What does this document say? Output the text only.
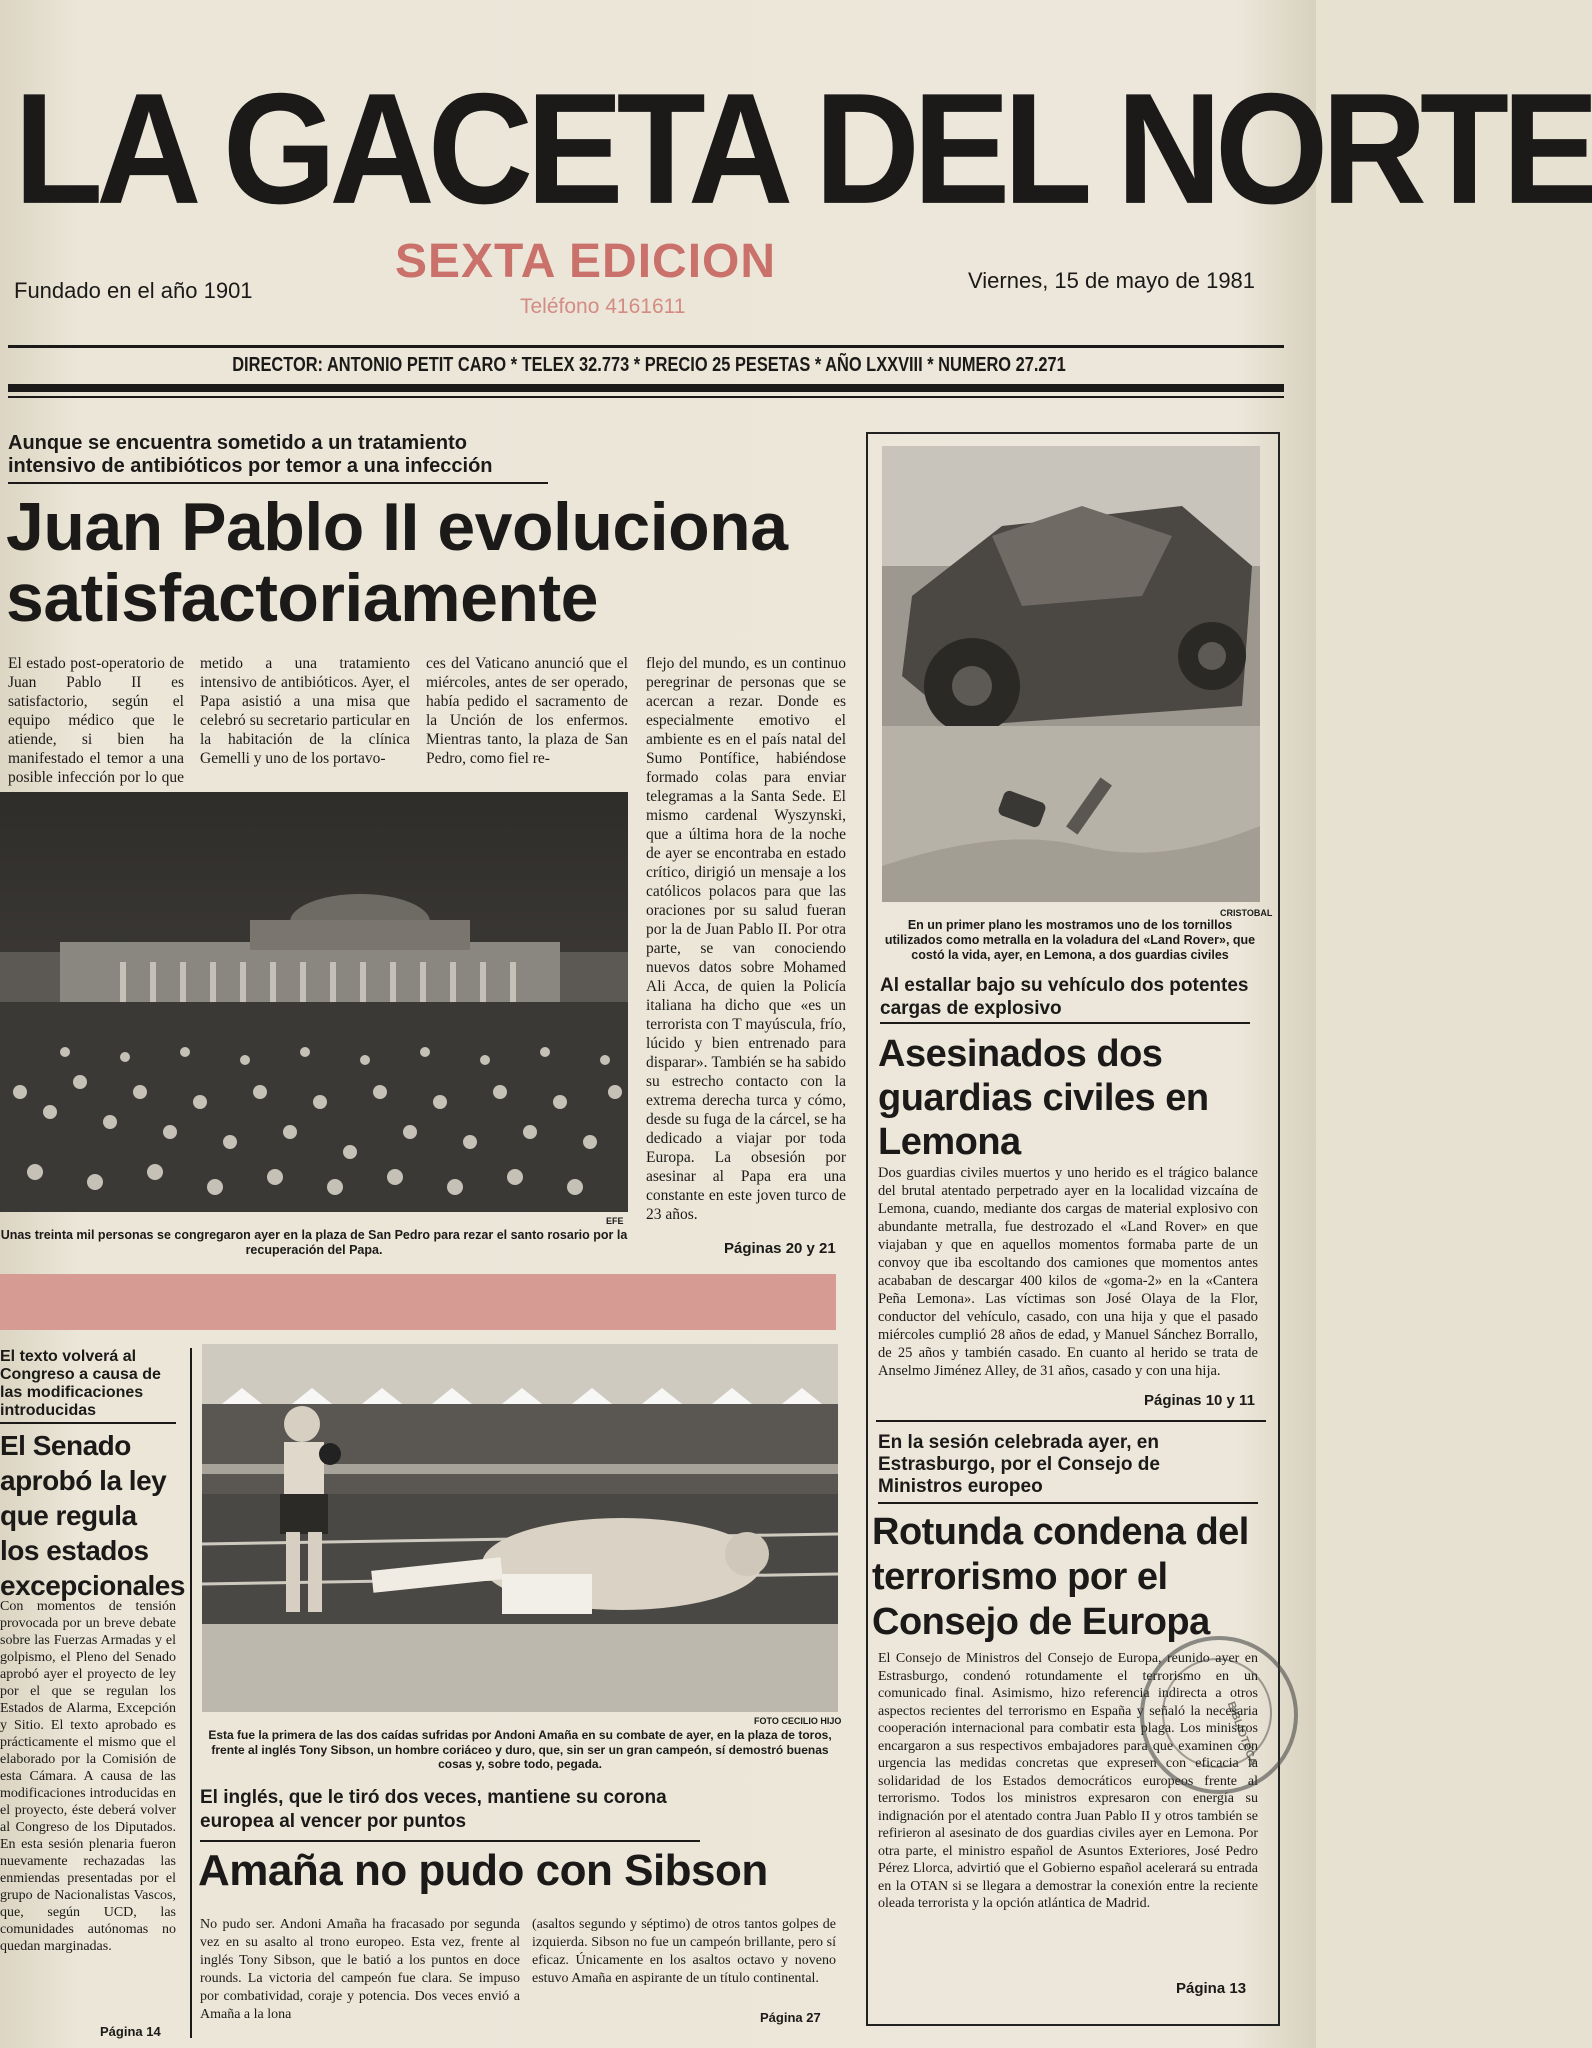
LA GACETA DEL NORTE
SEXTA EDICION
Teléfono 4161611
Fundado en el año 1901	Viernes, 15 de mayo de 1981
DIRECTOR: ANTONIO PETIT CARO * TELEX 32.773 * PRECIO 25 PESETAS * AÑO LXXVIII * NUMERO 27.271
Aunque se encuentra sometido a un tratamiento intensivo de antibióticos por temor a una infección
Juan Pablo II evoluciona satisfactoriamente
El estado post-operatorio de Juan Pablo II es satisfactorio, según el equipo médico que le atiende, si bien ha manifestado el temor a una posible infección por lo que
metido a una tratamiento intensivo de antibióticos. Ayer, el Papa asistió a una misa que celebró su secretario particular en la habitación de la clínica Gemelli y uno de los portavo-
ces del Vaticano anunció que el miércoles, antes de ser operado, había pedido el sacramento de la Unción de los enfermos. Mientras tanto, la plaza de San Pedro, como fiel re-
flejo del mundo, es un continuo peregrinar de personas que se acercan a rezar. Donde es especialmente emotivo el ambiente es en el país natal del Sumo Pontífice, habiéndose formado colas para enviar telegramas a la Santa Sede. El mismo cardenal Wyszynski, que a última hora de la noche de ayer se encontraba en estado crítico, dirigió un mensaje a los católicos polacos para que las oraciones por su salud fueran por la de Juan Pablo II. Por otra parte, se van conociendo nuevos datos sobre Mohamed Ali Acca, de quien la Policía italiana ha dicho que «es un terrorista con T mayúscula, frío, lúcido y bien entrenado para disparar». También se ha sabido su estrecho contacto con la extrema derecha turca y cómo, desde su fuga de la cárcel, se ha dedicado a viajar por toda Europa. La obsesión por asesinar al Papa era una constante en este joven turco de 23 años.
Páginas 20 y 21
EFE
Unas treinta mil personas se congregaron ayer en la plaza de San Pedro para rezar el santo rosario por la recuperación del Papa.
CRISTOBAL
En un primer plano les mostramos uno de los tornillos utilizados como metralla en la voladura del «Land Rover», que costó la vida, ayer, en Lemona, a dos guardias civiles
Al estallar bajo su vehículo dos potentes cargas de explosivo
Asesinados dos guardias civiles en Lemona
Dos guardias civiles muertos y uno herido es el trágico balance del brutal atentado perpetrado ayer en la localidad vizcaína de Lemona, cuando, mediante dos cargas de material explosivo con abundante metralla, fue destrozado el «Land Rover» en que viajaban y que en aquellos momentos formaba parte de un convoy que iba escoltando dos camiones que momentos antes acababan de descargar 400 kilos de «goma-2» en la «Cantera Peña Lemona». Las víctimas son José Olaya de la Flor, conductor del vehículo, casado, con una hija y que el pasado miércoles cumplió 28 años de edad, y Manuel Sánchez Borrallo, de 25 años y también casado. En cuanto al herido se trata de Anselmo Jiménez Alley, de 31 años, casado y con una hija.
Páginas 10 y 11
En la sesión celebrada ayer, en Estrasburgo, por el Consejo de Ministros europeo
Rotunda condena del terrorismo por el Consejo de Europa
El Consejo de Ministros del Consejo de Europa, reunido ayer en Estrasburgo, condenó rotundamente el terrorismo en un comunicado final. Asimismo, hizo referencia indirecta a otros aspectos recientes del terrorismo en España y señaló la necesaria cooperación internacional para combatir esta plaga. Los ministros encargaron a sus respectivos embajadores para que examinen con urgencia las medidas concretas que expresen con eficacia la solidaridad de los Estados democráticos europeos frente al terrorismo. Todos los ministros expresaron con energía su indignación por el atentado contra Juan Pablo II y otros también se refirieron al asesinato de dos guardias civiles ayer en Lemona. Por otra parte, el ministro español de Asuntos Exteriores, José Pedro Pérez Llorca, advirtió que el Gobierno español acelerará su entrada en la OTAN si se llegara a demostrar la conexión entre la reciente oleada terrorista y la opción atlántica de Madrid.
Página 13
BIBLIOTECA
El texto volverá al Congreso a causa de las modificaciones introducidas
El Senado aprobó la ley que regula los estados excepcionales
Con momentos de tensión provocada por un breve debate sobre las Fuerzas Armadas y el golpismo, el Pleno del Senado aprobó ayer el proyecto de ley por el que se regulan los Estados de Alarma, Excepción y Sitio. El texto aprobado es prácticamente el mismo que el elaborado por la Comisión de esta Cámara. A causa de las modificaciones introducidas en el proyecto, éste deberá volver al Congreso de los Diputados. En esta sesión plenaria fueron nuevamente rechazadas las enmiendas presentadas por el grupo de Nacionalistas Vascos, que, según UCD, las comunidades autónomas no quedan marginadas.
Página 14
FOTO CECILIO HIJO
Esta fue la primera de las dos caídas sufridas por Andoni Amaña en su combate de ayer, en la plaza de toros, frente al inglés Tony Sibson, un hombre coriáceo y duro, que, sin ser un gran campeón, sí demostró buenas cosas y, sobre todo, pegada.
El inglés, que le tiró dos veces, mantiene su corona europea al vencer por puntos
Amaña no pudo con Sibson
No pudo ser. Andoni Amaña ha fracasado por segunda vez en su asalto al trono europeo. Esta vez, frente al inglés Tony Sibson, que le batió a los puntos en doce rounds. La victoria del campeón fue clara. Se impuso por combatividad, coraje y potencia. Dos veces envió a Amaña a la lona
(asaltos segundo y séptimo) de otros tantos golpes de izquierda. Sibson no fue un campeón brillante, pero sí eficaz. Únicamente en los asaltos octavo y noveno estuvo Amaña en aspirante de un título continental.
Página 27
